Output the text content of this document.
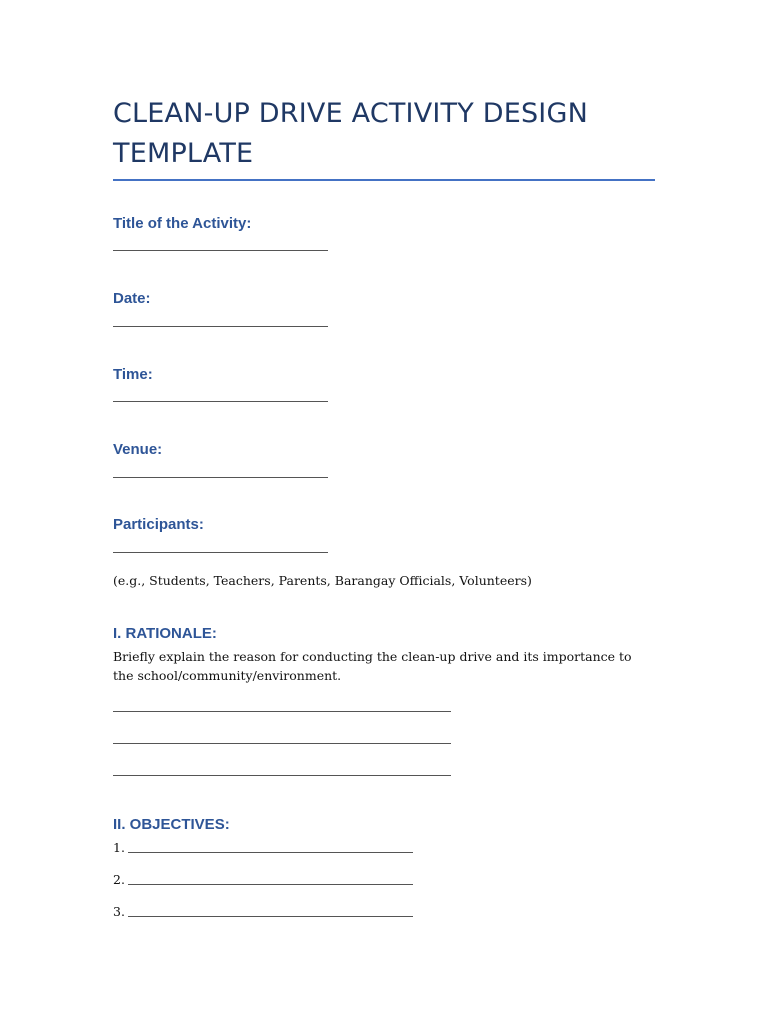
CLEAN-UP DRIVE ACTIVITY DESIGN TEMPLATE
Title of the Activity:
Date:
Time:
Venue:
Participants:

(e.g., Students, Teachers, Parents, Barangay Officials, Volunteers)

I. RATIONALE:

Briefly explain the reason for conducting the clean-up drive and its importance to the school/community/environment.

II. OBJECTIVES:
1.
2.
3.
